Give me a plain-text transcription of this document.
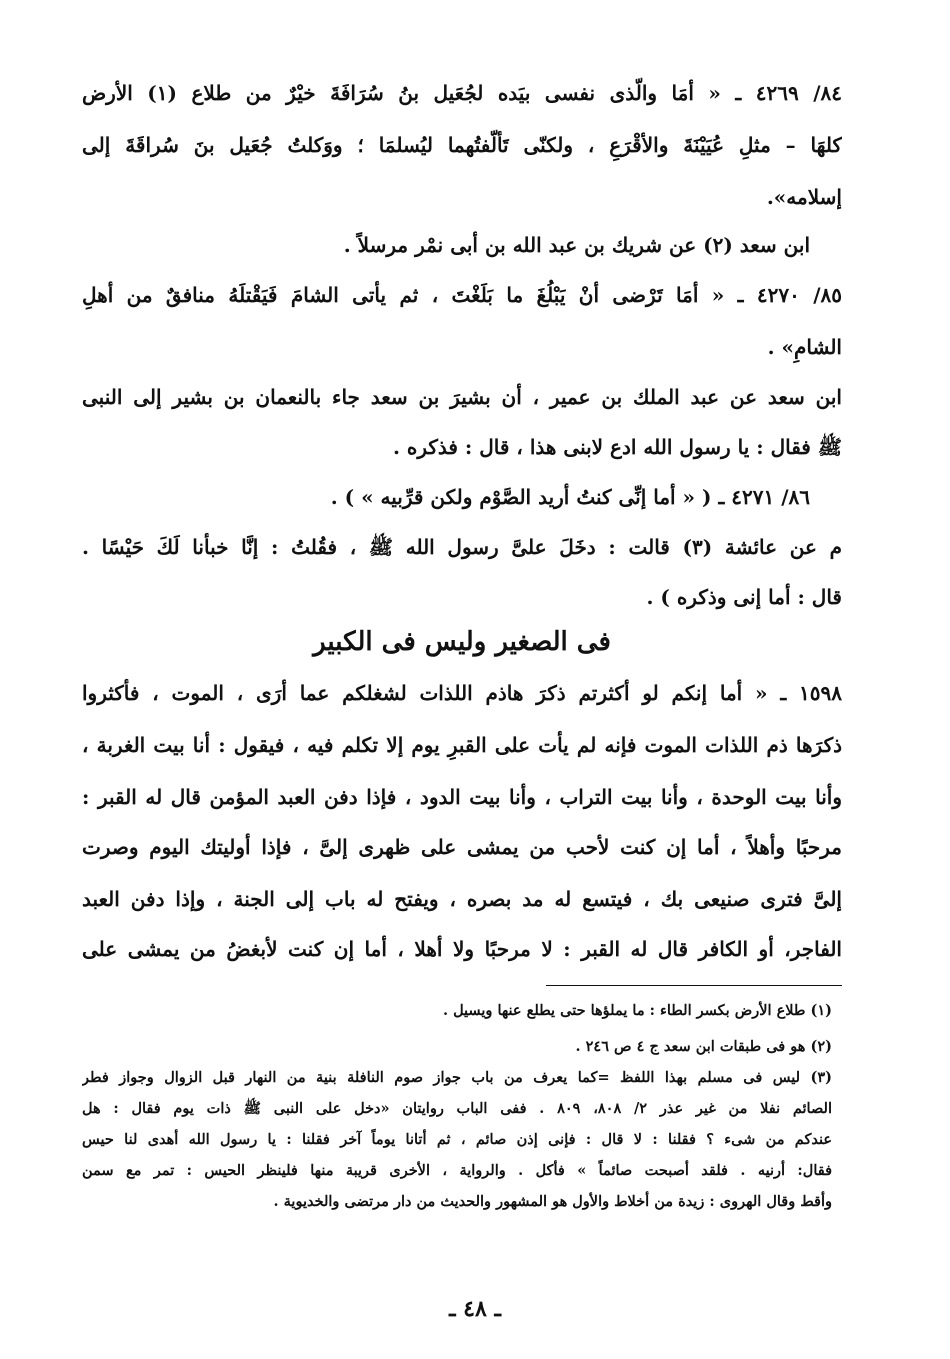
٨٤/ ٤٢٦٩ ـ « أمَا والّذى نفسى بيَده لجُعَيل بنُ سُرَافَةَ خيْرٌ من طلاع (١) الأرض
كلهَا – مثلِ عُيَيْنَةَ والأقْرَعِ ، ولكنّى تَألّفتُهما ليُسلمَا ؛ ووَكلتُ جُعَيل بنَ سُراقَةَ إلى
إسلامه».
ابن سعد (٢) عن شريك بن عبد الله بن أبى نمْر مرسلاً .
٨٥/ ٤٢٧٠ ـ « أمَا تَرْضى أنْ يَبْلُغَ ما بَلَغْتَ ، ثم يأتى الشامَ فَيَقْتلَهُ منافقٌ من أهلِ
الشامِ» .
ابن سعد عن عبد الملك بن عمير ، أن بشيرَ بن سعد جاء بالنعمان بن بشير إلى النبى
ﷺ فقال : يا رسول الله ادع لابنى هذا ، قال : فذكره .
٨٦/ ٤٢٧١ ـ ( « أما إنِّى كنتُ أريد الصَّوْم ولكن قرِّبيه » ) .
م عن عائشة (٣) قالت : دخَلَ علىَّ رسول الله ﷺ ، فقُلتُ : إنَّا خبأنا لَكَ حَيْسًا .
قال : أما إنى وذكره ) .
فى الصغير وليس فى الكبير
١٥٩٨ ـ « أما إنكم لو أكثرتم ذكرَ هاذم اللذات لشغلكم عما أرَى ، الموت ، فأكثروا
ذكرَها ذم اللذات الموت فإنه لم يأت على القبرِ يوم إلا تكلم فيه ، فيقول : أنا بيت الغربة ،
وأنا بيت الوحدة ، وأنا بيت التراب ، وأنا بيت الدود ، فإذا دفن العبد المؤمن قال له القبر :
مرحبًا وأهلاً ، أما إن كنت لأحب من يمشى على ظهرى إلىَّ ، فإذا أوليتك اليوم وصرت
إلىَّ فترى صنيعى بك ، فيتسع له مد بصره ، ويفتح له باب إلى الجنة ، وإذا دفن العبد
الفاجر، أو الكافر قال له القبر : لا مرحبًا ولا أهلا ، أما إن كنت لأبغضُ من يمشى على
(١) طلاع الأرض بكسر الطاء : ما يملؤها حتى يطلع عنها ويسيل .
(٢) هو فى طبقات ابن سعد ج ٤ ص ٢٤٦ .
(٣) ليس فى مسلم بهذا اللفظ =كما يعرف من باب جواز صوم النافلة بنية من النهار قبل الزوال وجواز فطر
الصائم نفلا من غير عذر ٢/ ٨٠٨، ٨٠٩ . ففى الباب روايتان «دخل على النبى ﷺ ذات يوم فقال : هل
عندكم من شىء ؟ فقلنا : لا قال : فإنى إذن صائم ، ثم أتانا يوماً آخر فقلنا : يا رسول الله أهدى لنا حيس
فقال: أرنيه . فلقد أصبحت صائماً » فأكل . والرواية ، الأخرى قريبة منها فلينظر الحيس : تمر مع سمن
وأقط وقال الهروى : زيدة من أخلاط والأول هو المشهور والحديث من دار مرتضى والخديوية .
ـ ٤٨ ـ
